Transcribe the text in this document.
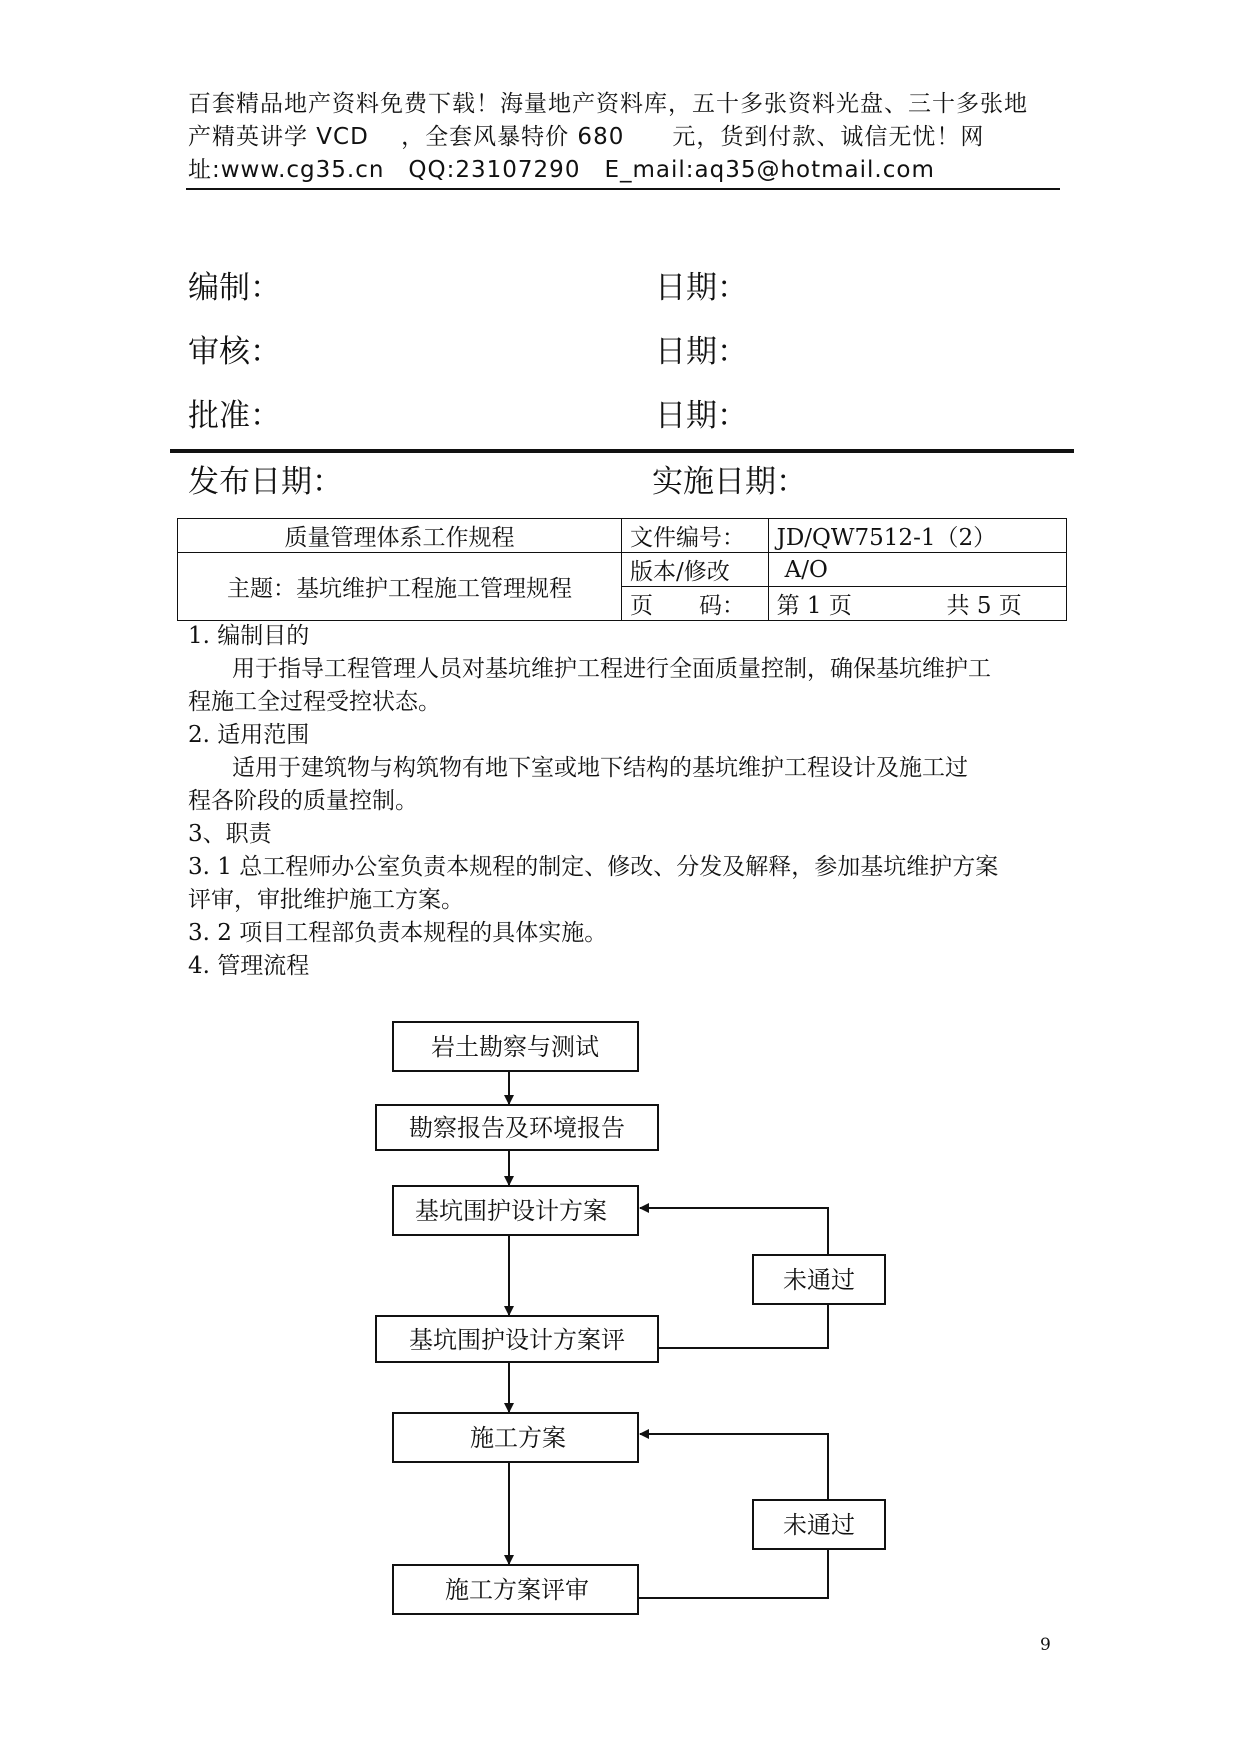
百套精品地产资料免费下载！海量地产资料库，五十多张资料光盘、三十多张地
产精英讲学 VCD　 ，全套风暴特价 680　　元，货到付款、诚信无忧！网
址:www.cg35.cn　QQ:23107290　E_mail:aq35@hotmail.com
编制：	日期：
审核：	日期：
批准：	日期：
发布日期：	实施日期：
质量管理体系工作规程	文件编号：	JD/QW7512-1（2）
主题：基坑维护工程施工管理规程	版本/修改	A/O
	页　　码：	第 1 页 共 5 页

1. 编制目的

用于指导工程管理人员对基坑维护工程进行全面质量控制，确保基坑维护工

程施工全过程受控状态。

2. 适用范围

适用于建筑物与构筑物有地下室或地下结构的基坑维护工程设计及施工过

程各阶段的质量控制。

3、职责

3. 1 总工程师办公室负责本规程的制定、修改、分发及解释，参加基坑维护方案

评审，审批维护施工方案。

3. 2 项目工程部负责本规程的具体实施。

4. 管理流程

岩土勘察与测试
勘察报告及环境报告
基坑围护设计方案
未通过
基坑围护设计方案评
施工方案
未通过
施工方案评审
9
